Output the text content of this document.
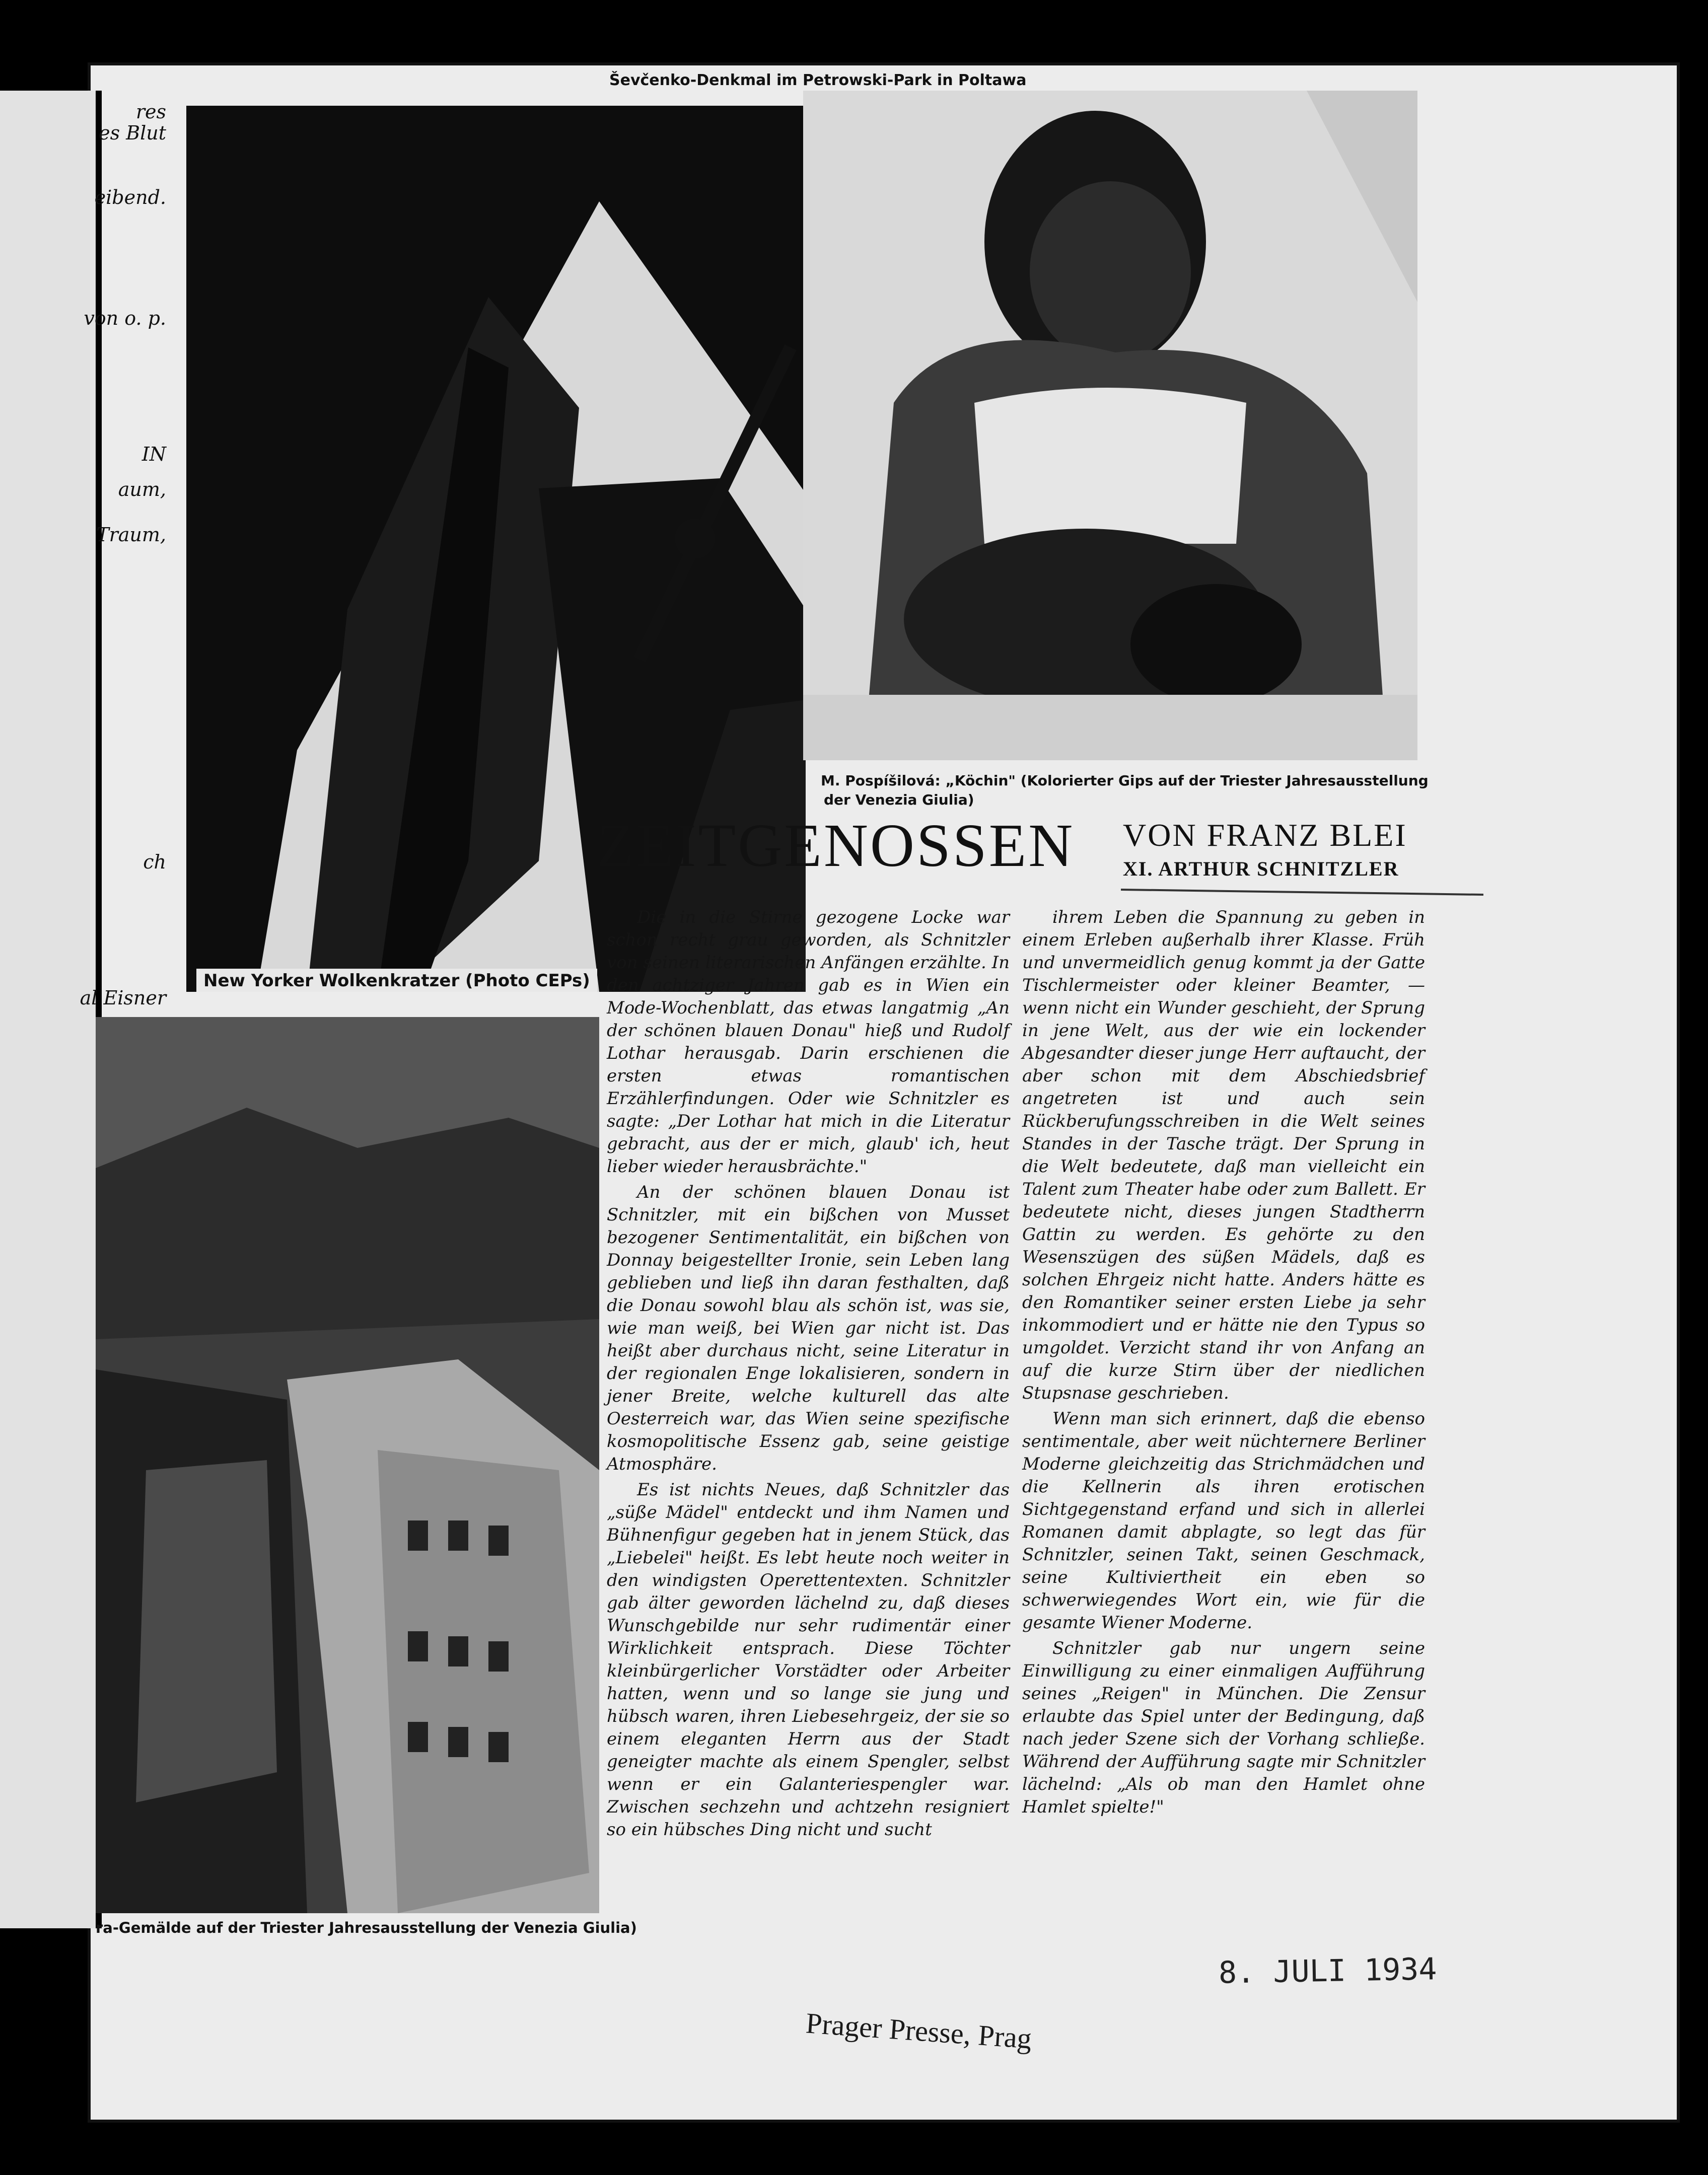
res
es Blut
eibend.
von o. p.
IN
aum,
Traum,
ch
al Eisner
Ševčenko-Denkmal im Petrowski-Park in Poltawa
New Yorker Wolkenkratzer (Photo CEPs)
M. Pospíšilová: „Köchin" (Kolorierter Gips auf der Triester Jahresausstellung
der Venezia Giulia)
ra-Gemälde auf der Triester Jahresausstellung der Venezia Giulia)
ZEITGENOSSEN VON FRANZ BLEI
XI. ARTHUR SCHNITZLER

Die in die Stirne gezogene Locke war schon recht grau geworden, als Schnitzler von seinen literarischen Anfängen erzählte. In den achtziger Jahren gab es in Wien ein Mode-Wochenblatt, das etwas langatmig „An der schönen blauen Donau" hieß und Rudolf Lothar herausgab. Darin erschienen die ersten etwas romantischen Erzählerfindungen. Oder wie Schnitzler es sagte: „Der Lothar hat mich in die Literatur gebracht, aus der er mich, glaub' ich, heut lieber wieder herausbrächte."

An der schönen blauen Donau ist Schnitzler, mit ein bißchen von Musset bezogener Sentimentalität, ein bißchen von Donnay beigestellter Ironie, sein Leben lang geblieben und ließ ihn daran festhalten, daß die Donau sowohl blau als schön ist, was sie, wie man weiß, bei Wien gar nicht ist. Das heißt aber durchaus nicht, seine Literatur in der regionalen Enge lokalisieren, sondern in jener Breite, welche kulturell das alte Oesterreich war, das Wien seine spezifische kosmopolitische Essenz gab, seine geistige Atmosphäre.

Es ist nichts Neues, daß Schnitzler das „süße Mädel" entdeckt und ihm Namen und Bühnenfigur gegeben hat in jenem Stück, das „Liebelei" heißt. Es lebt heute noch weiter in den windigsten Operettentexten. Schnitzler gab älter geworden lächelnd zu, daß dieses Wunschgebilde nur sehr rudimentär einer Wirklichkeit entsprach. Diese Töchter kleinbürgerlicher Vorstädter oder Arbeiter hatten, wenn und so lange sie jung und hübsch waren, ihren Liebesehrgeiz, der sie so einem eleganten Herrn aus der Stadt geneigter machte als einem Spengler, selbst wenn er ein Galanteriespengler war. Zwischen sechzehn und achtzehn resigniert so ein hübsches Ding nicht und sucht

ihrem Leben die Spannung zu geben in einem Erleben außerhalb ihrer Klasse. Früh und unvermeidlich genug kommt ja der Gatte Tischlermeister oder kleiner Beamter, — wenn nicht ein Wunder geschieht, der Sprung in jene Welt, aus der wie ein lockender Abgesandter dieser junge Herr auftaucht, der aber schon mit dem Abschiedsbrief angetreten ist und auch sein Rückberufungsschreiben in die Welt seines Standes in der Tasche trägt. Der Sprung in die Welt bedeutete, daß man vielleicht ein Talent zum Theater habe oder zum Ballett. Er bedeutete nicht, dieses jungen Stadtherrn Gattin zu werden. Es gehörte zu den Wesenszügen des süßen Mädels, daß es solchen Ehrgeiz nicht hatte. Anders hätte es den Romantiker seiner ersten Liebe ja sehr inkommodiert und er hätte nie den Typus so umgoldet. Verzicht stand ihr von Anfang an auf die kurze Stirn über der niedlichen Stupsnase geschrieben.

Wenn man sich erinnert, daß die ebenso sentimentale, aber weit nüchternere Berliner Moderne gleichzeitig das Strichmädchen und die Kellnerin als ihren erotischen Sichtgegenstand erfand und sich in allerlei Romanen damit abplagte, so legt das für Schnitzler, seinen Takt, seinen Geschmack, seine Kultiviertheit ein eben so schwerwiegendes Wort ein, wie für die gesamte Wiener Moderne.

Schnitzler gab nur ungern seine Einwilligung zu einer einmaligen Aufführung seines „Reigen" in München. Die Zensur erlaubte das Spiel unter der Bedingung, daß nach jeder Szene sich der Vorhang schließe. Während der Aufführung sagte mir Schnitzler lächelnd: „Als ob man den Hamlet ohne Hamlet spielte!"

8. JULI 1934
Prager Presse, Prag
